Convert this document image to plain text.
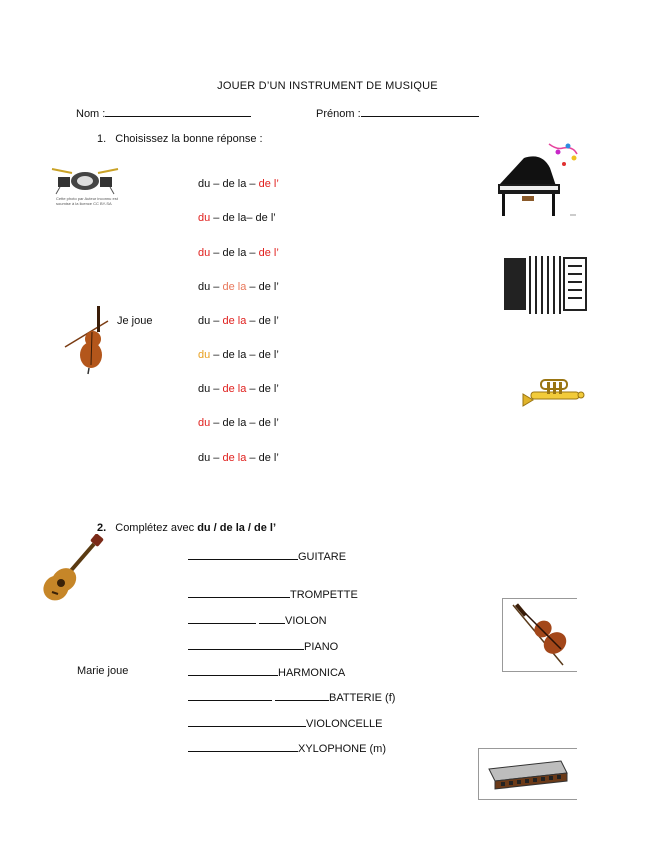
JOUER D’UN INSTRUMENT DE MUSIQUE
Nom :	Prénom :
1. Choisissez la bonne réponse :
du – de la – de l’
du – de la– de l’
du – de la – de l’
du – de la – de l’
du – de la – de l’
du – de la – de l’
du – de la – de l’
du – de la – de l’
du – de la – de l’
Je joue
Cette photo par Auteur inconnu est soumise à la licence CC BY-SA
2. Complétez avec du / de la / de l’
GUITARE
TROMPETTE
VIOLON
PIANO
HARMONICA
BATTERIE (f)
VIOLONCELLE
XYLOPHONE (m)
Marie joue
